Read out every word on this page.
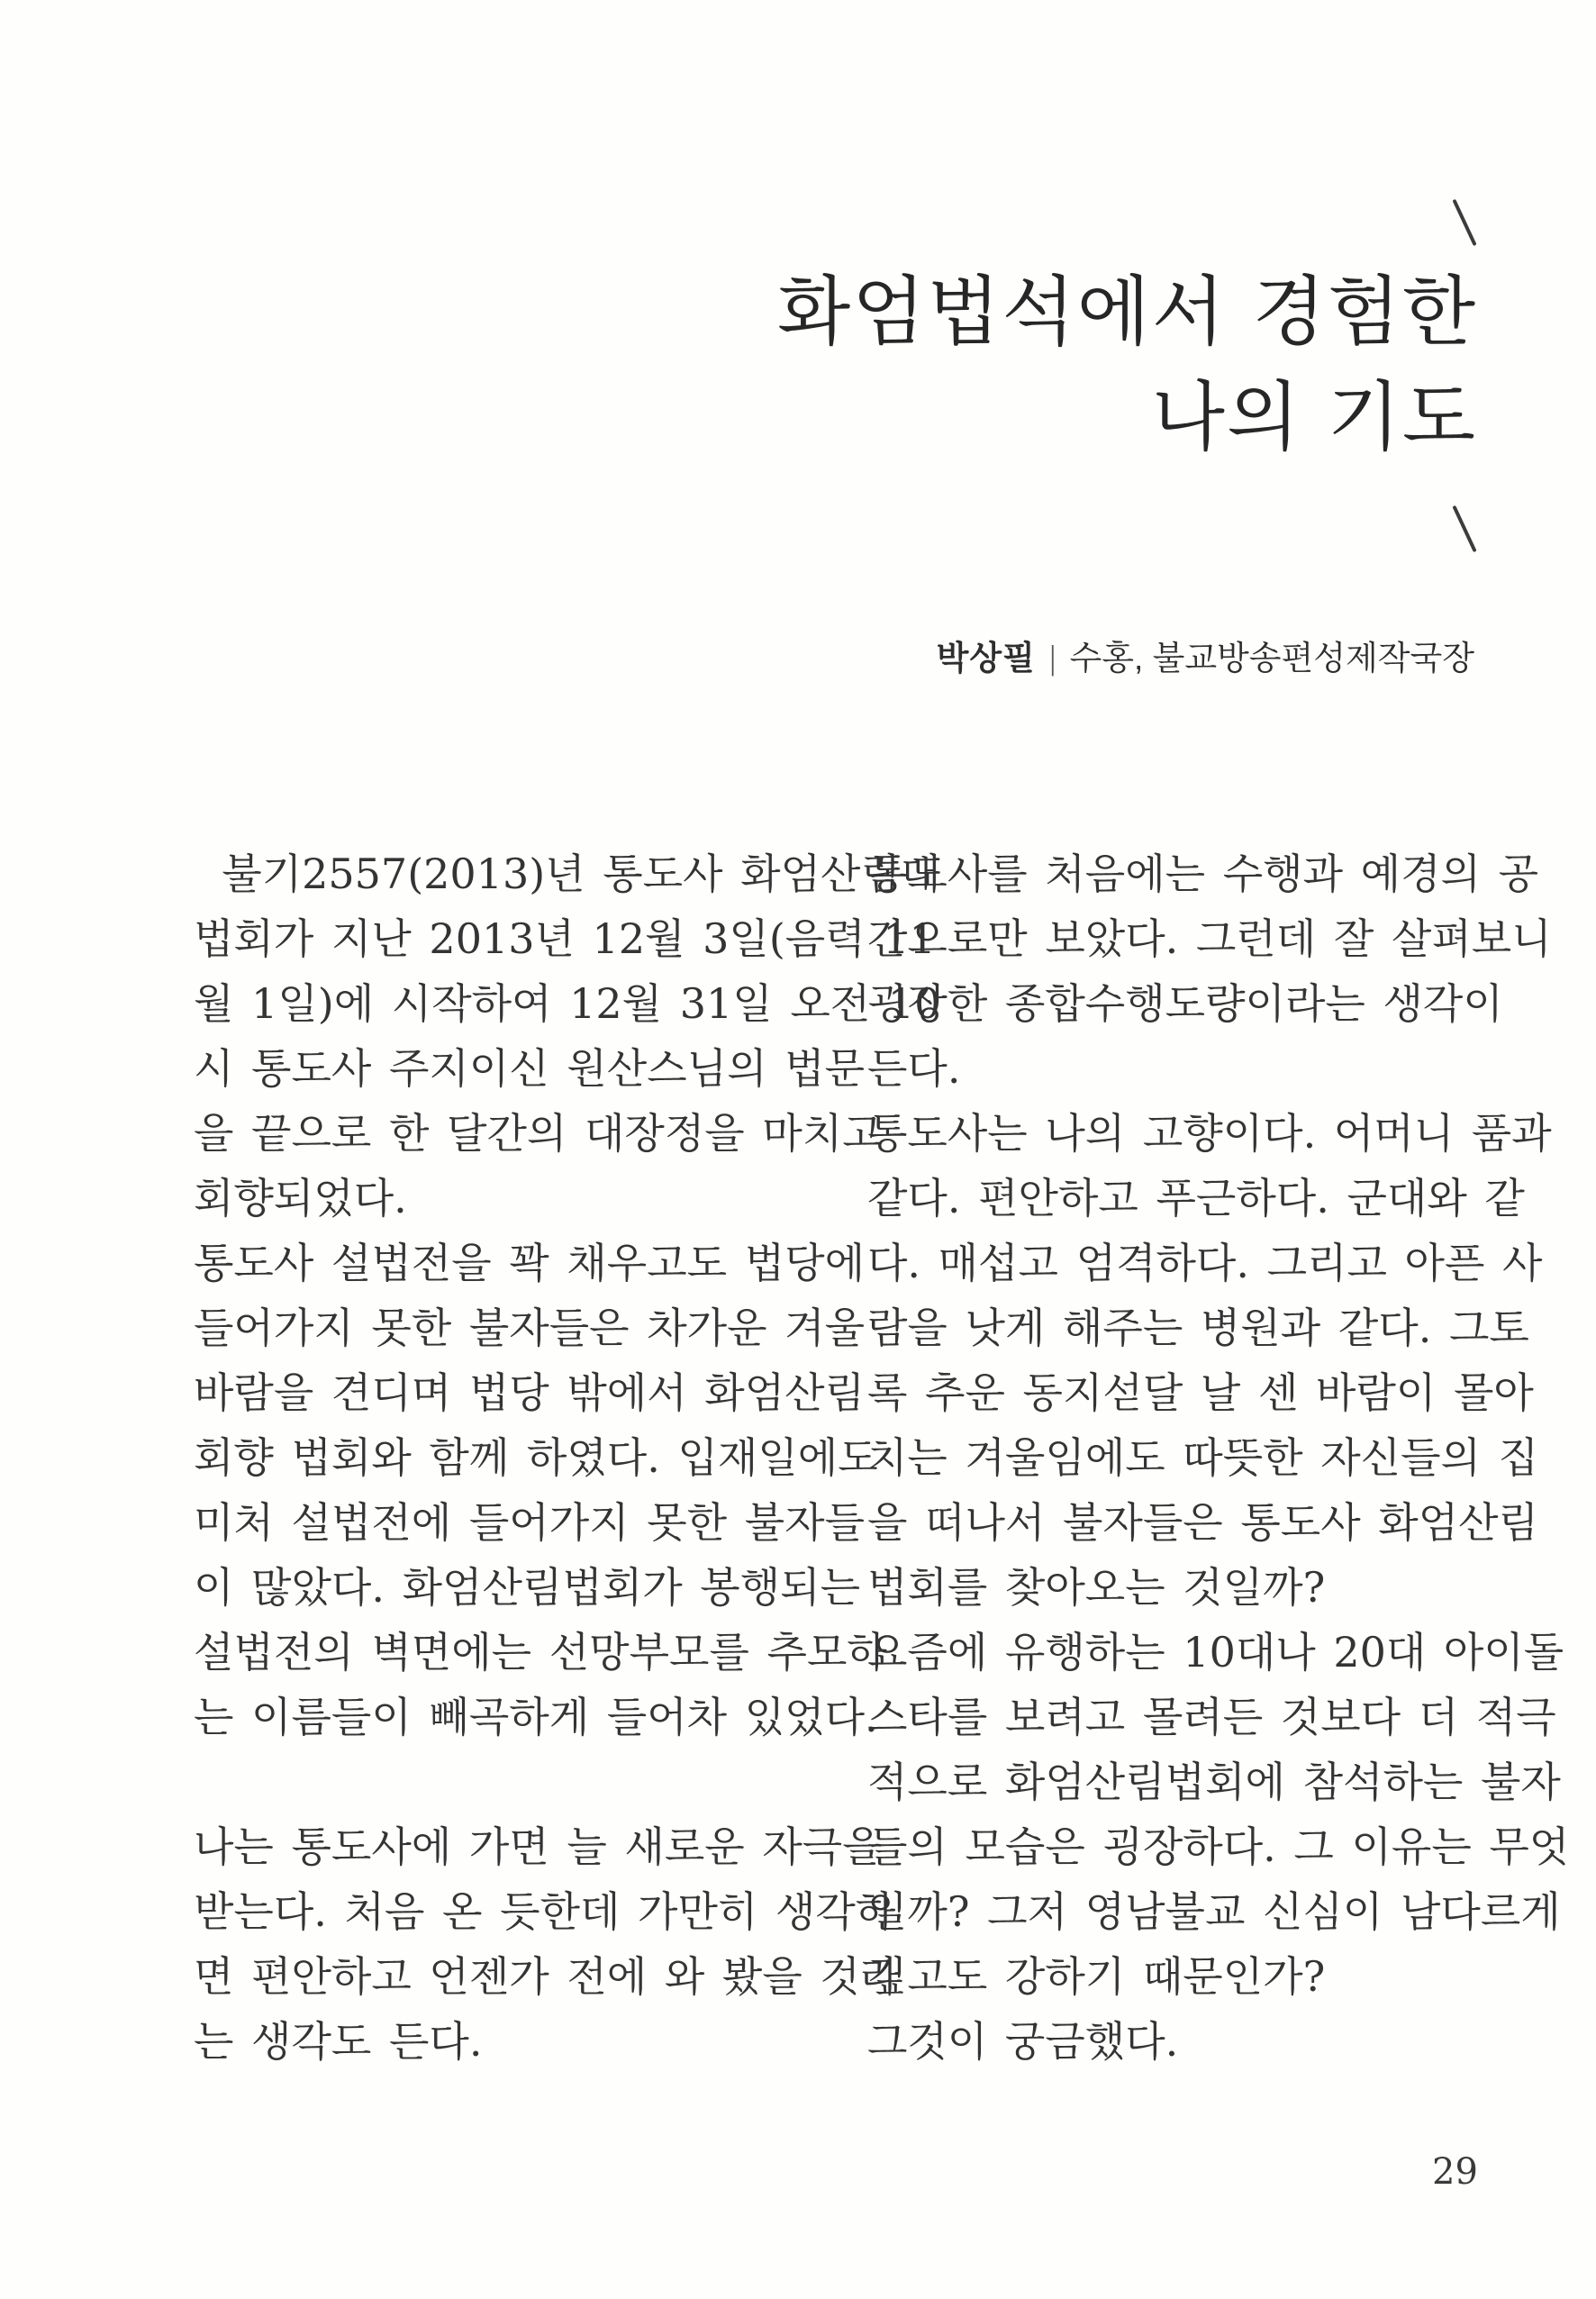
화엄법석에서 경험한
나의 기도
박상필 | 수홍, 불교방송편성제작국장
불기2557(2013)년 통도사 화엄산림대
법회가 지난 2013년 12월 3일(음력 11
월 1일)에 시작하여 12월 31일 오전 10
시 통도사 주지이신 원산스님의 법문
을 끝으로 한 달간의 대장정을 마치고
회향되었다.
통도사 설법전을 꽉 채우고도 법당에
들어가지 못한 불자들은 차가운 겨울
바람을 견디며 법당 밖에서 화엄산림
회향 법회와 함께 하였다. 입재일에도
미처 설법전에 들어가지 못한 불자들
이 많았다. 화엄산림법회가 봉행되는
설법전의 벽면에는 선망부모를 추모하
는 이름들이 빼곡하게 들어차 있었다.
나는 통도사에 가면 늘 새로운 자극을
받는다. 처음 온 듯한데 가만히 생각하
면 편안하고 언젠가 전에 와 봤을 것라
는 생각도 든다.
통도사를 처음에는 수행과 예경의 공
간으로만 보았다. 그런데 잘 살펴보니
굉장한 종합수행도량이라는 생각이
든다.
통도사는 나의 고향이다. 어머니 품과
같다. 편안하고 푸근하다. 군대와 같
다. 매섭고 엄격하다. 그리고 아픈 사
람을 낫게 해주는 병원과 같다. 그토
록 추운 동지섣달 날 센 바람이 몰아
치는 겨울임에도 따뜻한 자신들의 집
을 떠나서 불자들은 통도사 화엄산림
법회를 찾아오는 것일까?
요즘에 유행하는 10대나 20대 아이돌
스타를 보려고 몰려든 것보다 더 적극
적으로 화엄산림법회에 참석하는 불자
들의 모습은 굉장하다. 그 이유는 무엇
일까? 그저 영남불교 신심이 남다르게
깊고도 강하기 때문인가?
그것이 궁금했다.
29
